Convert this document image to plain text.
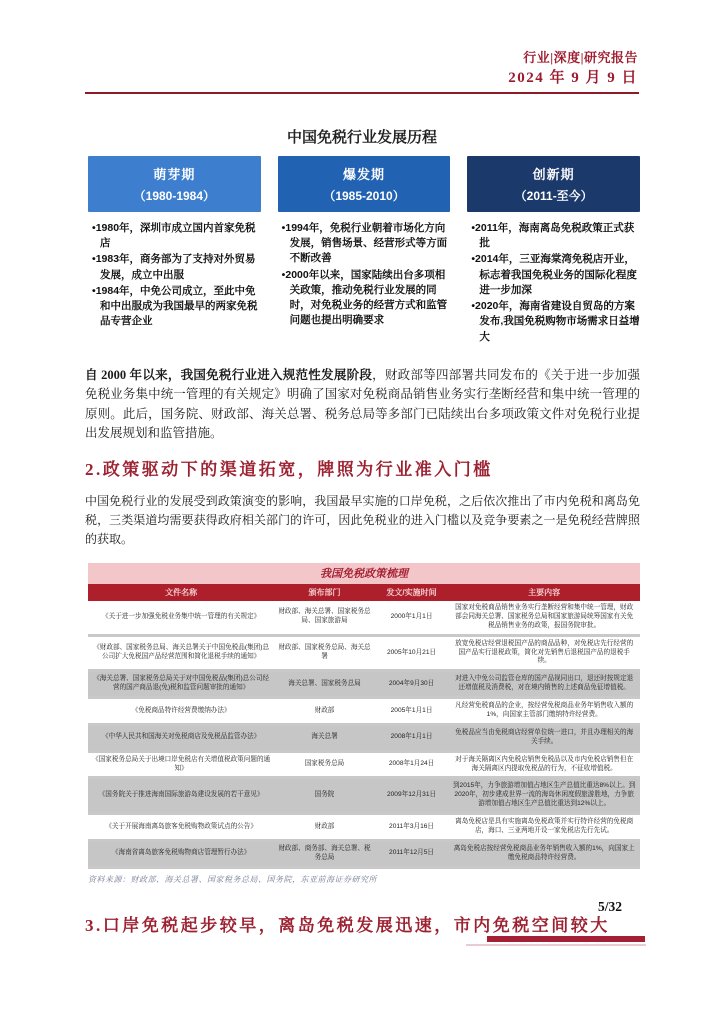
行业|深度|研究报告
2024 年 9 月 9 日
中国免税行业发展历程
萌芽期
（1980-1984）
• 1980年，深圳市成立国内首家免税店
• 1983年，商务部为了支持对外贸易发展，成立中出服
• 1984年，中免公司成立，至此中免和中出服成为我国最早的两家免税品专营企业
爆发期
（1985-2010）
• 1994年，免税行业朝着市场化方向发展，销售场景、经营形式等方面不断改善
• 2000年以来，国家陆续出台多项相关政策，推动免税行业发展的同时，对免税业务的经营方式和监管问题也提出明确要求
创新期
（2011-至今）
• 2011年，海南离岛免税政策正式获批
• 2014年，三亚海棠湾免税店开业，标志着我国免税业务的国际化程度进一步加深
• 2020年，海南省建设自贸岛的方案发布,我国免税购物市场需求日益增大

自 2000 年以来，我国免税行业进入规范性发展阶段，财政部等四部署共同发布的《关于进一步加强免税业务集中统一管理的有关规定》明确了国家对免税商品销售业务实行垄断经营和集中统一管理的原则。此后，国务院、财政部、海关总署、税务总局等多部门已陆续出台多项政策文件对免税行业提出发展规划和监管措施。

2.政策驱动下的渠道拓宽，牌照为行业准入门槛

中国免税行业的发展受到政策演变的影响，我国最早实施的口岸免税，之后依次推出了市内免税和离岛免税，三类渠道均需要获得政府相关部门的许可，因此免税业的进入门槛以及竞争要素之一是免税经营牌照的获取。

我国免税政策梳理
文件名称	颁布部门	发文/实施时间	主要内容
《关于进一步加强免税业务集中统一管理的有关规定》	财政部、海关总署、国家税务总局、国家旅游局	2000年1月1日	国家对免税商品销售业务实行垄断经营和集中统一管理，财政部会同海关总署、国家税务总局和国家旅游局统筹国家有关免税品销售业务的政策，报国务院审批。
《财政部、国家税务总局、海关总署关于中国免税品(集团)总公司扩大免税国产品经营范围和简化退税手续的通知》	财政部、国家税务总局、海关总署	2005年10月21日	放宽免税店经营退税国产品的商品品种，对免税店先行经营的国产品实行退税政策，简化对先销售后退税国产品的退税手续。
《海关总署、国家税务总局关于对中国免税品(集团)总公司经营的国产商品退(免)税和监管问题审批的通知》	海关总署、国家税务总局	2004年9月30日	对进入中免公司监管仓库的国产品视同出口，退还时按规定退还增值税及消费税，对在境内销售的上述商品免征增值税。
《免税商品特许经营费缴纳办法》	财政部	2005年1月1日	凡经营免税商品的企业，按经营免税商品业务年销售收入额的1%，向国家主管部门缴纳特许经营费。
《中华人民共和国海关对免税商店及免税品监管办法》	海关总署	2008年1月1日	免税品应当由免税商店经营单位统一进口，并且办理相关的海关手续。
《国家税务总局关于出境口岸免税店有关增值税政策问题的通知》	国家税务总局	2008年1月24日	对于海关隔离区内免税店销售免税品以及市内免税店销售但在海关隔离区内提取免税品的行为，不征收增值税。
《国务院关于推进海南国际旅游岛建设发展的若干意见》	国务院	2009年12月31日	到2015年，力争旅游增加值占地区生产总值比重达8%以上。到2020年，初步建成世界一流的海岛休闲度假旅游胜地，力争旅游增加值占地区生产总值比重达到12%以上。
《关于开展海南离岛旅客免税购物政策试点的公告》	财政部	2011年3月16日	离岛免税店是具有实施离岛免税政策并实行特许经营的免税商店，海口、三亚两地开设一家免税店先行先试。
《海南省离岛旅客免税购物商店管理暂行办法》	财政部、商务部、海关总署、税务总局	2011年12月5日	离岛免税店按经营免税商品业务年销售收入额的1%，向国家上缴免税商品特许经营费。
资料来源：财政部、海关总署、国家税务总局、国务院，东亚前海证券研究所
3.口岸免税起步较早，离岛免税发展迅速，市内免税空间较大
5/32
